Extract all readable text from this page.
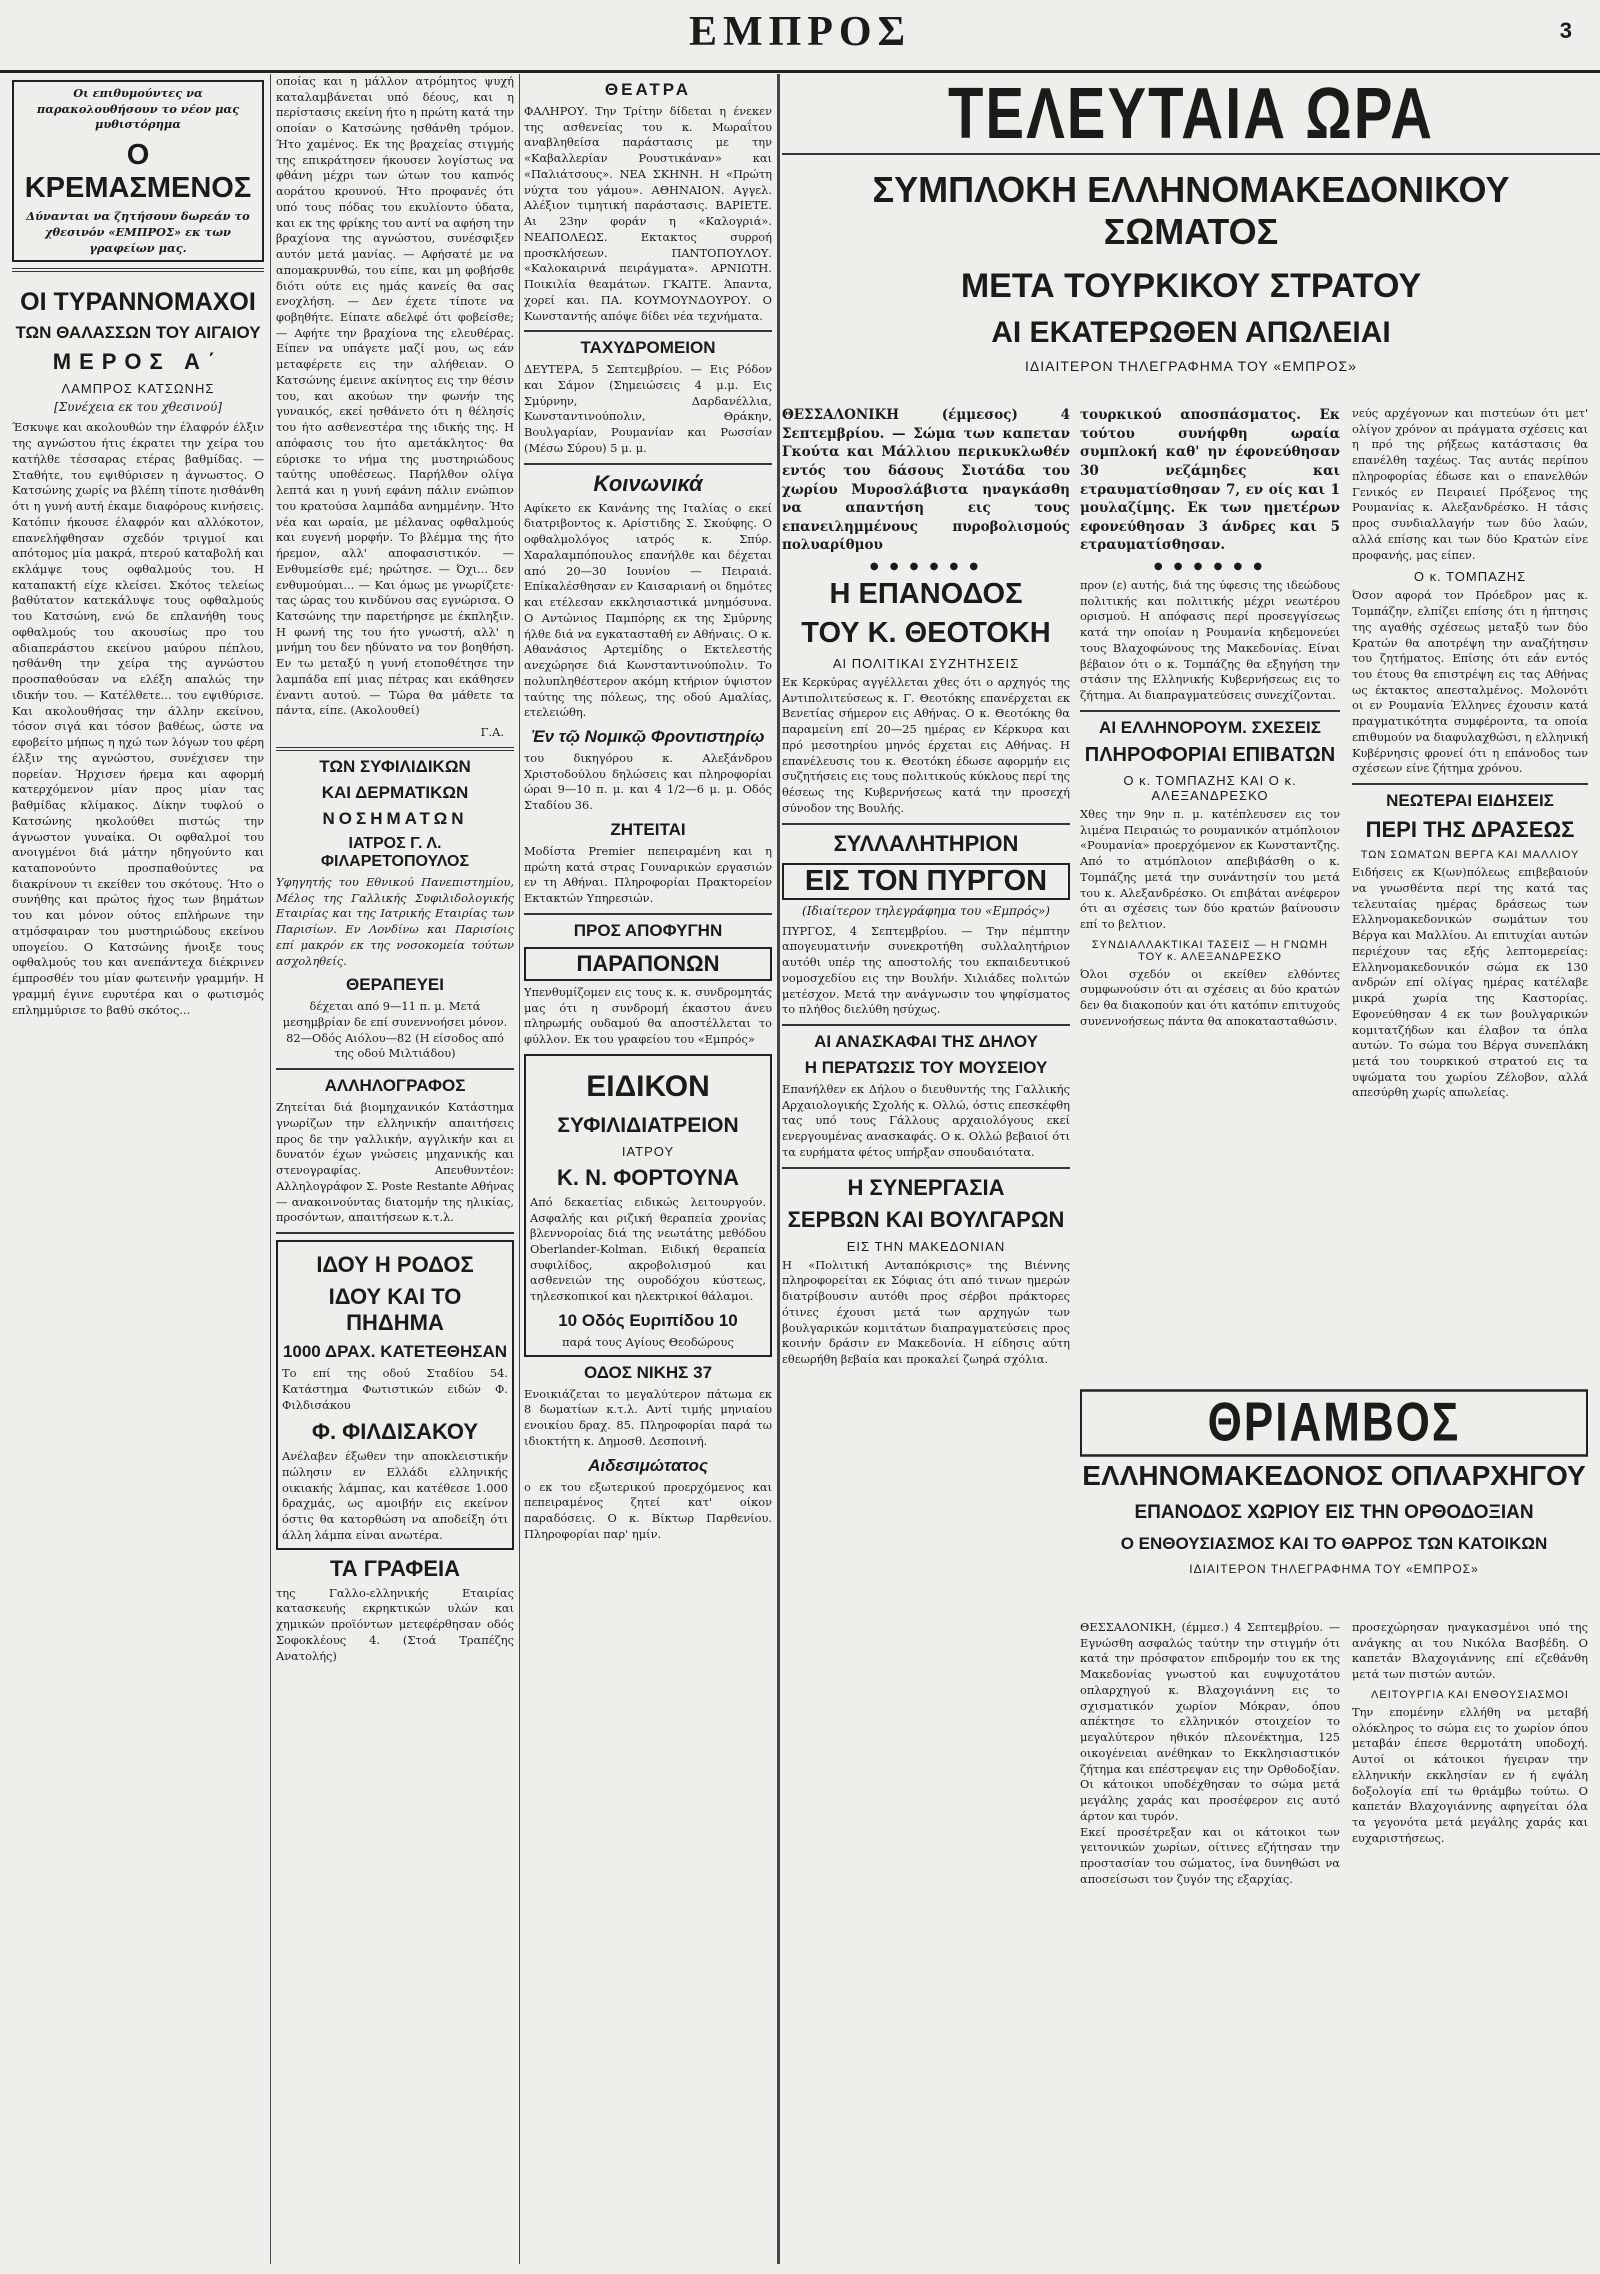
ΕΜΠΡΟΣ	3
Οι επιθυμούντες να παρακολουθήσουν το νέον μας μυθιστόρημα
Ο ΚΡΕΜΑΣΜΕΝΟΣ
Δύνανται να ζητήσουν δωρεάν το χθεσινόν «ΕΜΠΡΟΣ» εκ των γραφείων μας.
ΟΙ ΤΥΡΑΝΝΟΜΑΧΟΙ
ΤΩΝ ΘΑΛΑΣΣΩΝ ΤΟΥ ΑΙΓΑΙΟΥ
ΜΕΡΟΣ Α΄
ΛΑΜΠΡΟΣ ΚΑΤΣΩΝΗΣ
[Συνέχεια εκ του χθεσινού]
Έσκυψε και ακολουθών την έλαφρόν έλξιν της αγνώστου ήτις έκρατει την χείρα του κατήλθε τέσσαρας ετέρας βαθμίδας. — Σταθήτε, του εψιθύρισεν η άγνωστος. Ο Κατσώνης χωρίς να βλέπη τίποτε ηισθάνθη ότι η γυνή αυτή έκαμε διαφόρους κινήσεις. Κατόπιν ήκουσε έλαφρόν και αλλόκοτον, επανελήφθησαν σχεδόν τριγμοί και απότομος μία μακρά, πτερού καταβολή και εκλάμψε τους οφθαλμούς του. Η καταπακτή είχε κλείσει. Σκότος τελείως βαθύτατον κατεκάλυψε τους οφθαλμούς του Κατσώνη, ενώ δε επλανήθη τους οφθαλμούς του ακουσίως προ του αδιαπεράστου εκείνου μαύρου πέπλου, ησθάνθη την χείρα της αγνώστου προσπαθούσαν να ελέξη απαλώς την ιδικήν του. — Κατέλθετε... του εψιθύρισε. Και ακολουθήσας την άλλην εκείνου, τόσον σιγά και τόσον βαθέως, ώστε να εφοβείτο μήπως η ηχώ των λόγων του φέρη έλξιν της αγνώστου, συνέχισεν την πορείαν. Ήρχισεν ήρεμα και αφορμή κατερχόμενον μίαν προς μίαν τας βαθμίδας κλίμακος. Δίκην τυφλού ο Κατσώνης ηκολούθει πιστώς την άγνωστον γυναίκα. Οι οφθαλμοί του ανοιγμένοι διά μάτην ηδηγούντο και καταπονούντο προσπαθούντες να διακρίνουν τι εκείθεν του σκότους. Ήτο ο συνήθης και πρώτος ήχος των βημάτων του και μόνον ούτος επλήρωνε την ατμόσφαιραν του μυστηριώδους εκείνου υπογείου. Ο Κατσώνης ήνοιξε τους οφθαλμούς του και ανεπάντεχα διέκρινεν έμπροσθέν του μίαν φωτεινήν γραμμήν. Η γραμμή έγινε ευρυτέρα και ο φωτισμός επλημμύρισε το βαθύ σκότος...
οποίας και η μάλλον ατρόμητος ψυχή καταλαμβάνεται υπό δέους, και η περίστασις εκείνη ήτο η πρώτη κατά την οποίαν ο Κατσώνης ησθάνθη τρόμον. Ήτο χαμένος. Εκ της βραχείας στιγμής της επικράτησεν ήκουσεν λογίστως να φθάνη μέχρι των ώτων του καπνός αοράτου κρουνού. Ήτο προφανές ότι υπό τους πόδας του εκυλίοντο ύδατα, και εκ της φρίκης του αντί να αφήση την βραχίονα της αγνώστου, συνέσφιξεν αυτόν μετά μανίας. — Αφήσατέ με να απομακρυνθώ, του είπε, και μη φοβήσθε διότι ούτε εις ημάς κανείς θα σας ενοχλήση. — Δεν έχετε τίποτε να φοβηθήτε. Είπατε αδελφέ ότι φοβείσθε; — Αφήτε την βραχίονα της ελευθέρας. Είπεν να υπάγετε μαζί μου, ως εάν μεταφέρετε εις την αλήθειαν. Ο Κατσώνης έμεινε ακίνητος εις την θέσιν του, και ακούων την φωνήν της γυναικός, εκεί ησθάνετο ότι η θέλησίς του ήτο ασθενεστέρα της ιδικής της. Η απόφασις του ήτο αμετάκλητος· θα εύρισκε το νήμα της μυστηριώδους ταύτης υποθέσεως. Παρήλθον ολίγα λεπτά και η γυνή εφάνη πάλιν ενώπιον του κρατούσα λαμπάδα ανημμένην. Ήτο νέα και ωραία, με μέλανας οφθαλμούς και ευγενή μορφήν. Το βλέμμα της ήτο ήρεμον, αλλ' αποφασιστικόν. — Ενθυμείσθε εμέ; ηρώτησε. — Όχι... δεν ενθυμούμαι... — Και όμως με γνωρίζετε· τας ώρας του κινδύνου σας εγνώρισα. Ο Κατσώνης την παρετήρησε με έκπληξιν. Η φωνή της του ήτο γνωστή, αλλ' η μνήμη του δεν ηδύνατο να τον βοηθήση. Εν τω μεταξύ η γυνή ετοποθέτησε την λαμπάδα επί μιας πέτρας και εκάθησεν έναντι αυτού. — Τώρα θα μάθετε τα πάντα, είπε. (Ακολουθεί)
Γ.Α.
ΤΩΝ ΣΥΦΙΛΙΔΙΚΩΝ
ΚΑΙ ΔΕΡΜΑΤΙΚΩΝ
ΝΟΣΗΜΑΤΩΝ
ΙΑΤΡΟΣ Γ. Λ. ΦΙΛΑΡΕΤΟΠΟΥΛΟΣ
Υφηγητής του Εθνικού Πανεπιστημίου, Μέλος της Γαλλικής Συφιλιδολογικής Εταιρίας και της Ιατρικής Εταιρίας των Παρισίων. Εν Λονδίνω και Παρισίοις επί μακρόν εκ της νοσοκομεία τούτων ασχοληθείς.
ΘΕΡΑΠΕΥΕΙ
δέχεται από 9—11 π. μ. Μετά μεσημβρίαν δε επί συνεννοήσει μόνον. 82—Οδός Αιόλου—82 (Η είσοδος από της οδού Μιλτιάδου)
ΑΛΛΗΛΟΓΡΑΦΟΣ
Ζητείται διά βιομηχανικόν Κατάστημα γνωρίζων την ελληνικήν απαιτήσεις προς δε την γαλλικήν, αγγλικήν και ει δυνατόν έχων γνώσεις μηχανικής και στενογραφίας. Απευθυντέον: Αλληλογράφον Σ. Poste Restante Αθήνας — ανακοινούντας διατομήν της ηλικίας, προσόντων, απαιτήσεων κ.τ.λ.
ΙΔΟΥ Η ΡΟΔΟΣ
ΙΔΟΥ ΚΑΙ ΤΟ ΠΗΔΗΜΑ
1000 ΔΡΑΧ. ΚΑΤΕΤΕΘΗΣΑΝ
Το επί της οδού Σταδίου 54. Κατάστημα Φωτιστικών ειδών Φ. Φιλδισάκου
Φ. ΦΙΛΔΙΣΑΚΟΥ
Ανέλαβεν έξωθεν την αποκλειστικήν πώλησιν εν Ελλάδι ελληνικής οικιακής λάμπας, και κατέθεσε 1.000 δραχμάς, ως αμοιβήν εις εκείνον όστις θα κατορθώση να αποδείξη ότι άλλη λάμπα είναι ανωτέρα.
ΤΑ ΓΡΑΦΕΙΑ
της Γαλλο-ελληνικής Εταιρίας κατασκευής εκρηκτικών υλών και χημικών προϊόντων μετεφέρθησαν οδός Σοφοκλέους 4. (Στοά Τραπέζης Ανατολής)
ΘΕΑΤΡΑ
ΦΑΛΗΡΟΥ. Την Τρίτην δίδεται η ένεκεν της ασθενείας του κ. Μωραΐτου αναβληθείσα παράστασις με την «Καβαλλερίαν Ρουστικάναν» και «Παλιάτσους». ΝΕΑ ΣΚΗΝΗ. Η «Πρώτη νύχτα του γάμου». ΑΘΗΝΑΙΟΝ. Αγγελ. Αλέξιον τιμητική παράστασις. ΒΑΡΙΕΤΕ. Αι 23ην φοράν η «Καλογριά». ΝΕΑΠΟΛΕΩΣ. Εκτακτος συρροή προσκλήσεων. ΠΑΝΤΟΠΟΥΛΟΥ. «Καλοκαιρινά πειράγματα». ΑΡΝΙΩΤΗ. Ποικιλία θεαμάτων. ΓΚΑΙΤΕ. Άπαντα, χορεί και. ΠΑ. ΚΟΥΜΟΥΝΔΟΥΡΟΥ. Ο Κωνσταντής απόψε δίδει νέα τεχνήματα.
ΤΑΧΥΔΡΟΜΕΙΟΝ
ΔΕΥΤΕΡΑ, 5 Σεπτεμβρίου. — Εις Ρόδον και Σάμον (Σημειώσεις 4 μ.μ. Εις Σμύρνην, Δαρδανέλλια, Κωνσταντινούπολιν, Θράκην, Βουλγαρίαν, Ρουμανίαν και Ρωσσίαν (Μέσω Σύρου) 5 μ. μ.
Κοινωνικά
Αφίκετο εκ Κανάνης της Ιταλίας ο εκεί διατριβοντος κ. Αρίστιδης Σ. Σκούφης. Ο οφθαλμολόγος ιατρός κ. Σπύρ. Χαραλαμπόπουλος επανήλθε και δέχεται από 20—30 Ιουνίου — Πειραιά. Επίκαλέσθησαν εν Καισαριανή οι δημότες και ετέλεσαν εκκλησιαστικά μνημόσυνα. Ο Αντώνιος Παμπόρης εκ της Σμύρνης ήλθε διά να εγκατασταθή εν Αθήναις. Ο κ. Αθανάσιος Αρτεμίδης ο Εκτελεστής ανεχώρησε διά Κωνσταντινούπολιν. Το πολυπληθέστερον ακόμη κτήριον ύψιστον ταύτης της πόλεως, της οδού Αμαλίας, ετελειώθη.
Ἐν τῷ Νομικῷ Φροντιστηρίῳ
του δικηγόρου κ. Αλεξάνδρου Χριστοδούλου δηλώσεις και πληροφορίαι ώραι 9—10 π. μ. και 4 1/2—6 μ. μ. Οδός Σταδίου 36.
ΖΗΤΕΙΤΑΙ
Μοδίστα Premier πεπειραμένη και η πρώτη κατά στρας Γουναρικών εργασιών εν τη Αθήναι. Πληροφορίαι Πρακτορείον Εκτακτών Υπηρεσιών.
ΠΡΟΣ ΑΠΟΦΥΓΗΝ
ΠΑΡΑΠΟΝΩΝ
Υπενθυμίζομεν εις τους κ. κ. συνδρομητάς μας ότι η συνδρομή έκαστου άνευ πληρωμής ουδαμού θα αποστέλλεται το φύλλον. Εκ του γραφείου του «Εμπρός»
ΕΙΔΙΚΟΝ
ΣΥΦΙΛΙΔΙΑΤΡΕΙΟΝ
ΙΑΤΡΟΥ
Κ. Ν. ΦΟΡΤΟΥΝΑ
Από δεκαετίας ειδικώς λειτουργούν. Ασφαλής και ριζική θεραπεία χρονίας βλεννοροίας διά της νεωτάτης μεθόδου Oberlander-Kolman. Ειδική θεραπεία συφιλίδος, ακροβολισμού και ασθενειών της ουροδόχου κύστεως, τηλεσκοπικοί και ηλεκτρικοί θάλαμοι.
10 Οδός Ευριπίδου 10
παρά τους Αγίους Θεοδώρους
ΟΔΟΣ ΝΙΚΗΣ 37
Ενοικιάζεται το μεγαλύτερον πάτωμα εκ 8 δωματίων κ.τ.λ. Αντί τιμής μηνιαίου ενοικίου δραχ. 85. Πληροφορίαι παρά τω ιδιοκτήτη κ. Δημοσθ. Δεσποινή.
Αιδεσιμώτατος
ο εκ του εξωτερικού προερχόμενος και πεπειραμένος ζητεί κατ' οίκον παραδόσεις. Ο κ. Βίκτωρ Παρθενίου. Πληροφορίαι παρ' ημίν.
ΤΕΛΕΥΤΑΙΑ ΩΡΑ
ΣΥΜΠΛΟΚΗ ΕΛΛΗΝΟΜΑΚΕΔΟΝΙΚΟΥ ΣΩΜΑΤΟΣ
ΜΕΤΑ ΤΟΥΡΚΙΚΟΥ ΣΤΡΑΤΟΥ
ΑΙ ΕΚΑΤΕΡΩΘΕΝ ΑΠΩΛΕΙΑΙ
ΙΔΙΑΙΤΕΡΟΝ ΤΗΛΕΓΡΑΦΗΜΑ ΤΟΥ «ΕΜΠΡΟΣ»
ΘΕΣΣΑΛΟΝΙΚΗ (έμμεσος) 4 Σεπτεμβρίου. — Σώμα των καπεταν Γκούτα και Μάλλιου περικυκλωθέν εντός του δάσους Σιοτάδα του χωρίου Μυροσλάβιστα ηναγκάσθη να απαντήση εις τους επανειλημμένους πυροβολισμούς πολυαρίθμου
● ● ● ● ● ●
Η ΕΠΑΝΟΔΟΣ
ΤΟΥ Κ. ΘΕΟΤΟΚΗ
ΑΙ ΠΟΛΙΤΙΚΑΙ ΣΥΖΗΤΗΣΕΙΣ
Εκ Κερκύρας αγγέλλεται χθες ότι ο αρχηγός της Αντιπολιτεύσεως κ. Γ. Θεοτόκης επανέρχεται εκ Βενετίας σήμερον εις Αθήνας. Ο κ. Θεοτόκης θα παραμείνη επί 20—25 ημέρας εν Κέρκυρα και πρό μεσοτηρίου μηνός έρχεται εις Αθήνας. Η επανέλευσις του κ. Θεοτόκη έδωσε αφορμήν εις συζητήσεις εις τους πολιτικούς κύκλους περί της θέσεως της Κυβερνήσεως κατά την προσεχή σύνοδον της Βουλής.
ΣΥΛΛΑΛΗΤΗΡΙΟΝ
ΕΙΣ ΤΟΝ ΠΥΡΓΟΝ
(Ιδιαίτερον τηλεγράφημα του «Εμπρός»)
ΠΥΡΓΟΣ, 4 Σεπτεμβρίου. — Την πέμπτην απογευματινήν συνεκροτήθη συλλαλητήριον αυτόθι υπέρ της αποστολής του εκπαιδευτικού νομοσχεδίου εις την Βουλήν. Χιλιάδες πολιτών μετέσχον. Μετά την ανάγνωσιν του ψηφίσματος το πλήθος διελύθη ησύχως.
ΑΙ ΑΝΑΣΚΑΦΑΙ ΤΗΣ ΔΗΛΟΥ
Η ΠΕΡΑΤΩΣΙΣ ΤΟΥ ΜΟΥΣΕΙΟΥ
Επανήλθεν εκ Δήλου ο διευθυντής της Γαλλικής Αρχαιολογικής Σχολής κ. Ολλώ, όστις επεσκέφθη τας υπό τους Γάλλους αρχαιολόγους εκεί ενεργουμένας ανασκαφάς. Ο κ. Ολλώ βεβαιοί ότι τα ευρήματα φέτος υπήρξαν σπουδαιότατα.
Η ΣΥΝΕΡΓΑΣΙΑ
ΣΕΡΒΩΝ ΚΑΙ ΒΟΥΛΓΑΡΩΝ
ΕΙΣ ΤΗΝ ΜΑΚΕΔΟΝΙΑΝ
Η «Πολιτική Ανταπόκρισις» της Βιέννης πληροφορείται εκ Σόφιας ότι από τινων ημερών διατρίβουσιν αυτόθι προς σέρβοι πράκτορες ότινες έχουσι μετά των αρχηγών των βουλγαρικών κομιτάτων διαπραγματεύσεις προς κοινήν δράσιν εν Μακεδονία. Η είδησις αύτη εθεωρήθη βεβαία και προκαλεί ζωηρά σχόλια.
τουρκικού αποσπάσματος. Εκ τούτου συνήφθη ωραία συμπλοκή καθ' ην έφονεύθησαν 30 νεζάμηδες και ετραυματίσθησαν 7, εν οίς και 1 μουλαζίμης. Εκ των ημετέρων εφονεύθησαν 3 άνδρες και 5 ετραυματίσθησαν.
● ● ● ● ● ●
προν (ε) αυτής, διά της ύφεσις της ιδεώδους πολιτικής και πολιτικής μέχρι νεωτέρου ορισμού. Η απόφασις περί προσεγγίσεως κατά την οποίαν η Ρουμανία κηδεμονεύει τους Βλαχοφώνους της Μακεδονίας. Είναι βέβαιον ότι ο κ. Τομπάζης θα εξηγήση την στάσιν της Ελληνικής Κυβερνήσεως εις το ζήτημα. Αι διαπραγματεύσεις συνεχίζονται.
ΑΙ ΕΛΛΗΝΟΡΟΥΜ. ΣΧΕΣΕΙΣ
ΠΛΗΡΟΦΟΡΙΑΙ ΕΠΙΒΑΤΩΝ
Ο κ. ΤΟΜΠΑΖΗΣ ΚΑΙ Ο κ. ΑΛΕΞΑΝΔΡΕΣΚΟ
Χθες την 9ην π. μ. κατέπλευσεν εις τον λιμένα Πειραιώς το ρουμανικόν ατμόπλοιον «Ρουμανία» προερχόμενον εκ Κωνσταντζης. Από το ατμόπλοιον απεβιβάσθη ο κ. Τομπάζης μετά την συνάντησίν του μετά του κ. Αλεξανδρέσκο. Οι επιβάται ανέφερον ότι αι σχέσεις των δύο κρατών βαίνουσιν επί το βελτιον.
ΣΥΝΔΙΑΛΛΑΚΤΙΚΑΙ ΤΑΣΕΙΣ — Η ΓΝΩΜΗ ΤΟΥ κ. ΑΛΕΞΑΝΔΡΕΣΚΟ
Όλοι σχεδόν οι εκείθεν ελθόντες συμφωνούσιν ότι αι σχέσεις αι δύο κρατών δεν θα διακοπούν και ότι κατόπιν επιτυχούς συνεννοήσεως πάντα θα αποκατασταθώσιν.
ΘΡΙΑΜΒΟΣ
ΕΛΛΗΝΟΜΑΚΕΔΟΝΟΣ ΟΠΛΑΡΧΗΓΟΥ
ΕΠΑΝΟΔΟΣ ΧΩΡΙΟΥ ΕΙΣ ΤΗΝ ΟΡΘΟΔΟΞΙΑΝ
Ο ΕΝΘΟΥΣΙΑΣΜΟΣ ΚΑΙ ΤΟ ΘΑΡΡΟΣ ΤΩΝ ΚΑΤΟΙΚΩΝ
ΙΔΙΑΙΤΕΡΟΝ ΤΗΛΕΓΡΑΦΗΜΑ ΤΟΥ «ΕΜΠΡΟΣ»
ΘΕΣΣΑΛΟΝΙΚΗ, (έμμεσ.) 4 Σεπτεμβρίου. — Εγνώσθη ασφαλώς ταύτην την στιγμήν ότι κατά την πρόσφατον επιδρομήν του εκ της Μακεδονίας γνωστού και ευψυχοτάτου οπλαρχηγού κ. Βλαχογιάννη εις το σχισματικόν χωρίον Μόκραν, όπου απέκτησε το ελληνικόν στοιχείον το μεγαλύτερον ηθικόν πλεονέκτημα, 125 οικογένειαι ανέθηκαν το Εκκλησιαστικόν ζήτημα και επέστρεψαν εις την Ορθοδοξίαν. Οι κάτοικοι υποδέχθησαν το σώμα μετά μεγάλης χαράς και προσέφερον εις αυτό άρτον και τυρόν.
Εκεί προσέτρεξαν και οι κάτοικοι των γειτονικών χωρίων, οίτινες εζήτησαν την προστασίαν του σώματος, ίνα δυνηθώσι να αποσείσωσι τον ζυγόν της εξαρχίας.
νεύς αρχέγονων και πιστεύων ότι μετ' ολίγον χρόνον αι πράγματα σχέσεις και η πρό της ρήξεως κατάστασις θα επανέλθη ταχέως. Τας αυτάς περίπου πληροφορίας έδωσε και ο επανελθών Γενικός εν Πειραιεί Πρόξενος της Ρουμανίας κ. Αλεξανδρέσκο. Η τάσις προς συνδιαλλαγήν των δύο λαών, αλλά επίσης και των δύο Κρατών είνε προφανής, μας είπεν.
Ο κ. ΤΟΜΠΑΖΗΣ
Όσον αφορά τον Πρόεδρον μας κ. Τομπάζην, ελπίζει επίσης ότι η ήπτησις της αγαθής σχέσεως μεταξύ των δύο Κρατών θα αποτρέψη την αναζήτησιν του ζητήματος. Επίσης ότι εάν εντός του έτους θα επιστρέψη εις τας Αθήνας ως έκτακτος απεσταλμένος. Μολονότι οι εν Ρουμανία Έλληνες έχουσιν κατά πραγματικότητα συμφέροντα, τα οποία επιθυμούν να διαφυλαχθώσι, η ελληνική Κυβέρνησις φρονεί ότι η επάνοδος των σχέσεων είνε ζήτημα χρόνου.
ΝΕΩΤΕΡΑΙ ΕΙΔΗΣΕΙΣ
ΠΕΡΙ ΤΗΣ ΔΡΑΣΕΩΣ
ΤΩΝ ΣΩΜΑΤΩΝ ΒΕΡΓΑ ΚΑΙ ΜΑΛΛΙΟΥ
Ειδήσεις εκ Κ(ων)πόλεως επιβεβαιούν να γνωσθέντα περί της κατά τας τελευταίας ημέρας δράσεως των Ελληνομακεδονικών σωμάτων του Βέργα και Μαλλίου. Αι επιτυχίαι αυτών περιέχουν τας εξής λεπτομερείας: Ελληνομακεδονικόν σώμα εκ 130 ανδρών επί ολίγας ημέρας κατέλαβε μικρά χωρία της Καστορίας. Εφονεύθησαν 4 εκ των βουλγαρικών κομιτατζήδων και έλαβον τα όπλα αυτών. Το σώμα του Βέργα συνεπλάκη μετά του τουρκικού στρατού εις τα υψώματα του χωρίου Ζέλοβον, αλλά απεσύρθη χωρίς απωλείας.
προσεχώρησαν ηναγκασμένοι υπό της ανάγκης αι του Νικόλα Βασβέδη. Ο καπετάν Βλαχογιάννης επί εζεθάνθη μετά των πιστών αυτών.
ΛΕΙΤΟΥΡΓΙΑ ΚΑΙ ΕΝΘΟΥΣΙΑΣΜΟΙ
Την επομένην ελλήθη να μεταβή ολόκληρος το σώμα εις το χωρίον όπου μεταβάν έπεσε θερμοτάτη υποδοχή. Αυτοί οι κάτοικοι ήγειραν την ελληνικήν εκκλησίαν εν ή εψάλη δοξολογία επί τω θριάμβω τούτω. Ο καπετάν Βλαχογιάννης αφηγείται όλα τα γεγονότα μετά μεγάλης χαράς και ευχαριστήσεως.
